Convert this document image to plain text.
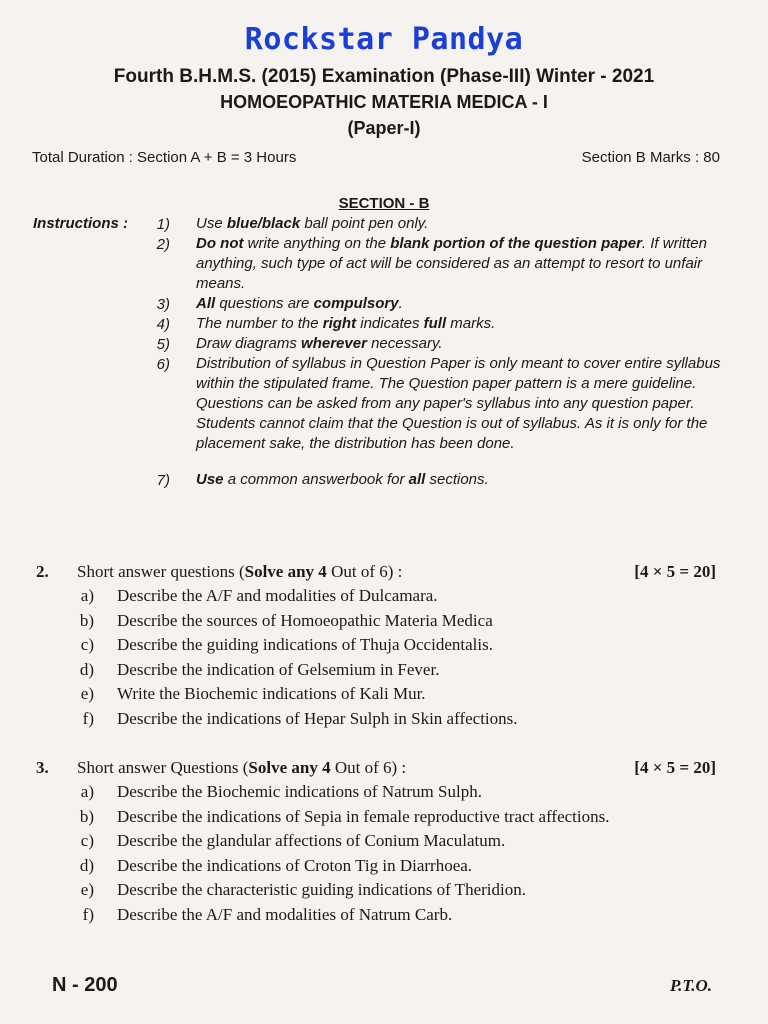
Rockstar Pandya
Fourth B.H.M.S. (2015) Examination (Phase-III) Winter - 2021
HOMOEOPATHIC MATERIA MEDICA - I
(Paper-I)
Total Duration : Section A + B = 3 Hours	Section B Marks : 80
SECTION - B
Instructions :	1) Use blue/black ball point pen only.
2) Do not write anything on the blank portion of the question paper. If written anything, such type of act will be considered as an attempt to resort to unfair means.
3) All questions are compulsory.
4) The number to the right indicates full marks.
5) Draw diagrams wherever necessary.
6) Distribution of syllabus in Question Paper is only meant to cover entire syllabus within the stipulated frame. The Question paper pattern is a mere guideline. Questions can be asked from any paper's syllabus into any question paper. Students cannot claim that the Question is out of syllabus. As it is only for the placement sake, the distribution has been done.
7) Use a common answerbook for all sections.
2. Short answer questions (Solve any 4 Out of 6) :	[4 × 5 = 20]
a) Describe the A/F and modalities of Dulcamara.
b) Describe the sources of Homoeopathic Materia Medica
c) Describe the guiding indications of Thuja Occidentalis.
d) Describe the indication of Gelsemium in Fever.
e) Write the Biochemic indications of Kali Mur.
f) Describe the indications of Hepar Sulph in Skin affections.
3. Short answer Questions (Solve any 4 Out of 6) :	[4 × 5 = 20]
a) Describe the Biochemic indications of Natrum Sulph.
b) Describe the indications of Sepia in female reproductive tract affections.
c) Describe the glandular affections of Conium Maculatum.
d) Describe the indications of Croton Tig in Diarrhoea.
e) Describe the characteristic guiding indications of Theridion.
f) Describe the A/F and modalities of Natrum Carb.
N - 200	P.T.O.
